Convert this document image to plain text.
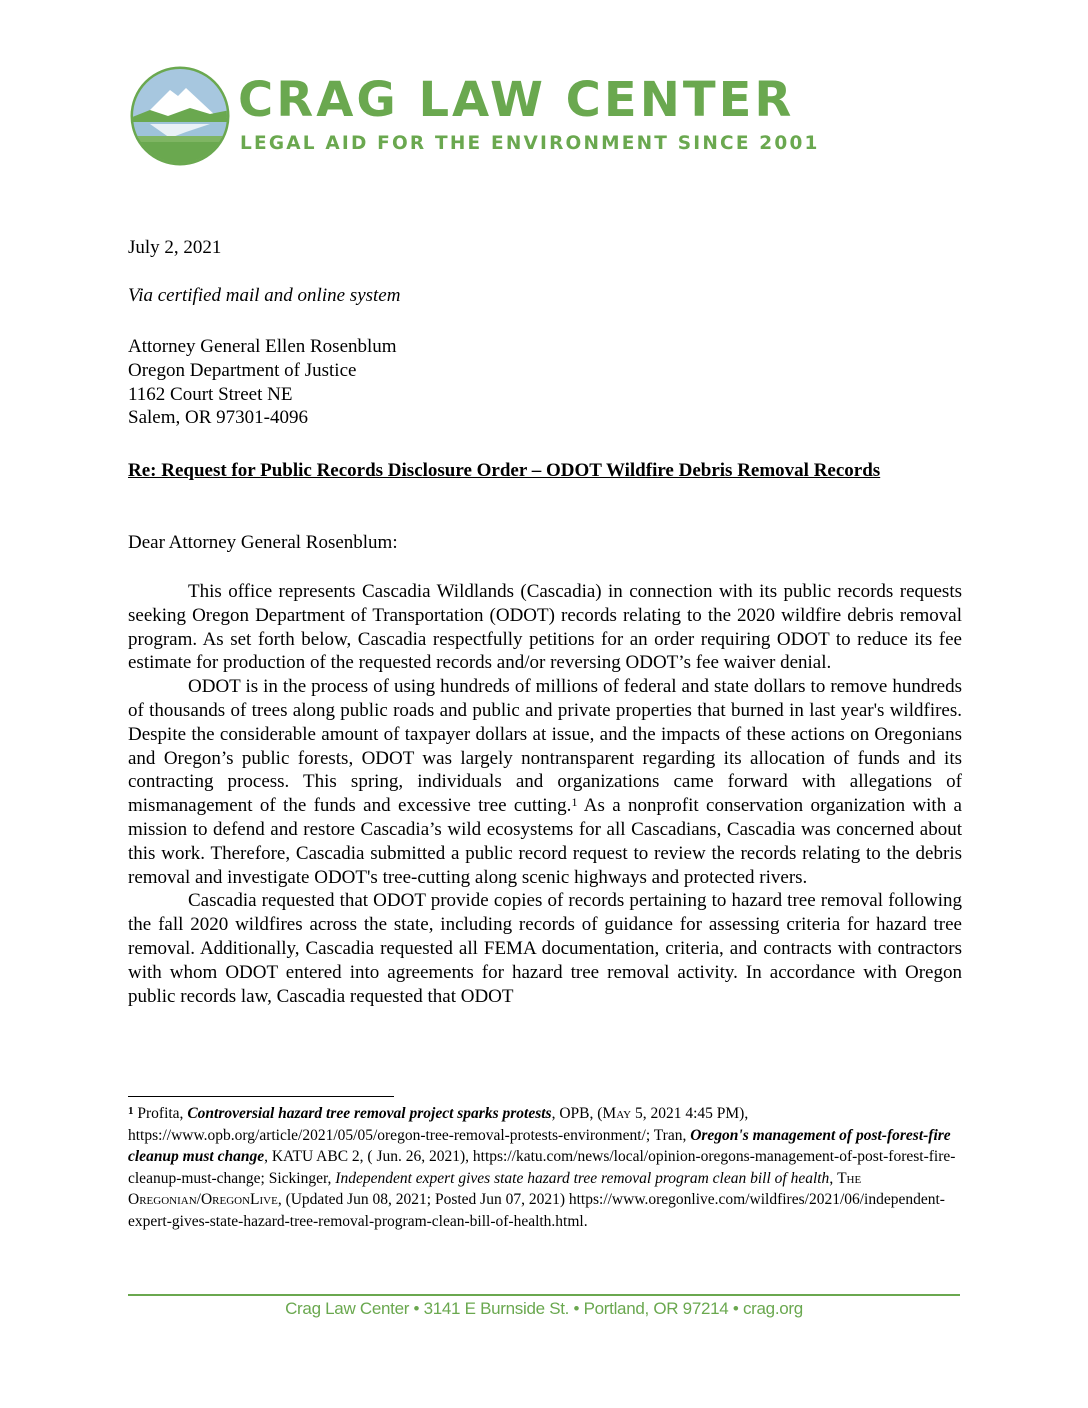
CRAG LAW CENTER
LEGAL AID FOR THE ENVIRONMENT SINCE 2001
July 2, 2021
Via certified mail and online system
Attorney General Ellen Rosenblum
Oregon Department of Justice
1162 Court Street NE
Salem, OR 97301-4096
Re: Request for Public Records Disclosure Order – ODOT Wildfire Debris Removal Records
Dear Attorney General Rosenblum:

This office represents Cascadia Wildlands (Cascadia) in connection with its public records requests seeking Oregon Department of Transportation (ODOT) records relating to the 2020 wildfire debris removal program. As set forth below, Cascadia respectfully petitions for an order requiring ODOT to reduce its fee estimate for production of the requested records and/or reversing ODOT’s fee waiver denial.

ODOT is in the process of using hundreds of millions of federal and state dollars to remove hundreds of thousands of trees along public roads and public and private properties that burned in last year's wildfires. Despite the considerable amount of taxpayer dollars at issue, and the impacts of these actions on Oregonians and Oregon’s public forests, ODOT was largely nontransparent regarding its allocation of funds and its contracting process. This spring, individuals and organizations came forward with allegations of mismanagement of the funds and excessive tree cutting.$^1$ As a nonprofit conservation organization with a mission to defend and restore Cascadia’s wild ecosystems for all Cascadians, Cascadia was concerned about this work. Therefore, Cascadia submitted a public record request to review the records relating to the debris removal and investigate ODOT's tree-cutting along scenic highways and protected rivers.

Cascadia requested that ODOT provide copies of records pertaining to hazard tree removal following the fall 2020 wildfires across the state, including records of guidance for assessing criteria for hazard tree removal. Additionally, Cascadia requested all FEMA documentation, criteria, and contracts with contractors with whom ODOT entered into agreements for hazard tree removal activity. In accordance with Oregon public records law, Cascadia requested that ODOT

$^1$ Profita, Controversial hazard tree removal project sparks protests, OPB, (May 5, 2021 4:45 PM), https://www.opb.org/article/2021/05/05/oregon-tree-removal-protests-environment/; Tran, Oregon's management of post-forest-fire cleanup must change, KATU ABC 2, ( Jun. 26, 2021), https://katu.com/news/local/opinion-oregons-management-of-post-forest-fire-cleanup-must-change; Sickinger, Independent expert gives state hazard tree removal program clean bill of health, The Oregonian/OregonLive, (Updated Jun 08, 2021; Posted Jun 07, 2021) https://www.oregonlive.com/wildfires/2021/06/independent-expert-gives-state-hazard-tree-removal-program-clean-bill-of-health.html.
Crag Law Center • 3141 E Burnside St. • Portland, OR 97214 • crag.org
